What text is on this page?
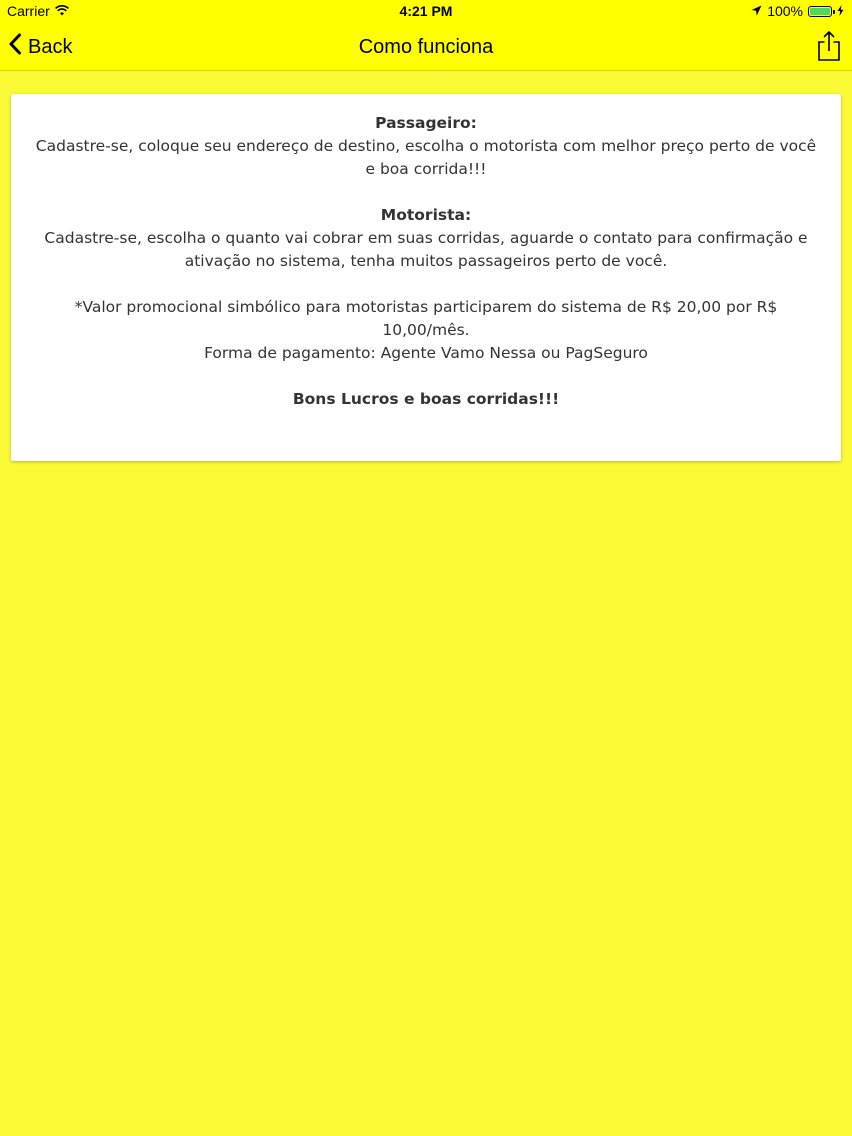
Carrier	4:21 PM	100%
Back	Como funciona

Passageiro:

Cadastre-se, coloque seu endereço de destino, escolha o motorista com melhor preço perto de você e boa corrida!!!

Motorista:

Cadastre-se, escolha o quanto vai cobrar em suas corridas, aguarde o contato para confirmação e ativação no sistema, tenha muitos passageiros perto de você.

*Valor promocional simbólico para motoristas participarem do sistema de R$ 20,00 por R$ 10,00/mês.

Forma de pagamento: Agente Vamo Nessa ou PagSeguro

Bons Lucros e boas corridas!!!
